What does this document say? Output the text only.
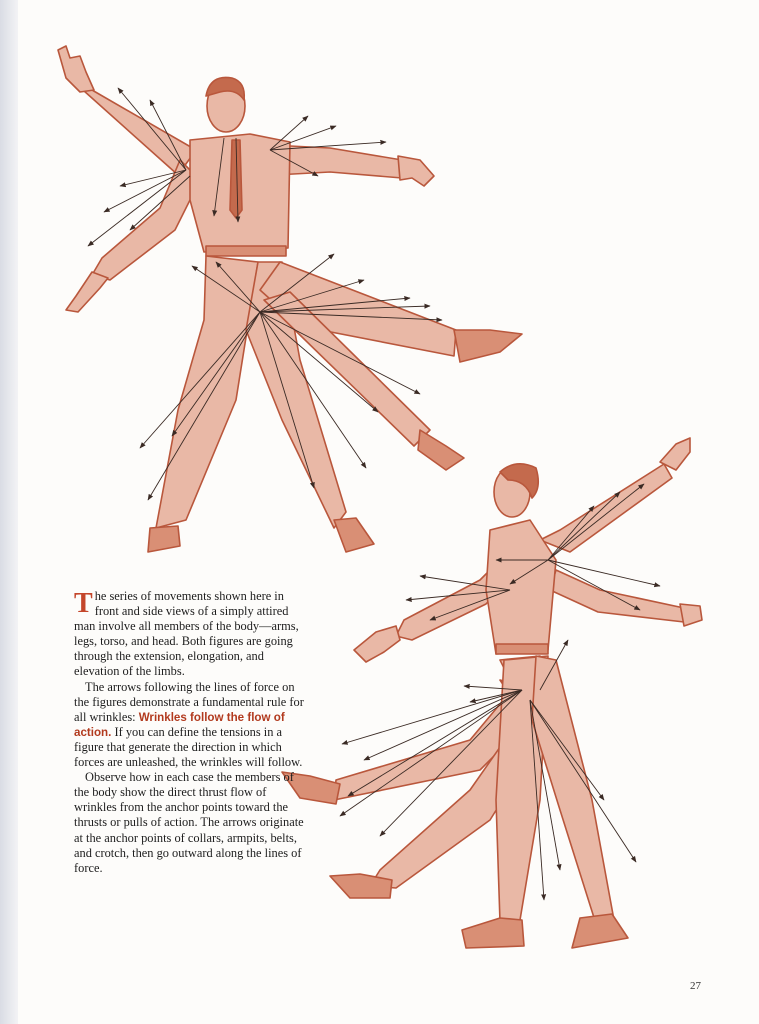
The series of movements shown here in front and side views of a simply attired man involve all members of the body—arms, legs, torso, and head. Both figures are going through the extension, elongation, and elevation of the limbs.

The arrows following the lines of force on the figures demonstrate a fundamental rule for all wrinkles: Wrinkles follow the flow of action. If you can define the tensions in a figure that generate the direction in which forces are unleashed, the wrinkles will follow.

Observe how in each case the members of the body show the direct thrust flow of wrinkles from the anchor points toward the thrusts or pulls of action. The arrows originate at the anchor points of collars, armpits, belts, and crotch, then go outward along the lines of force.

27
